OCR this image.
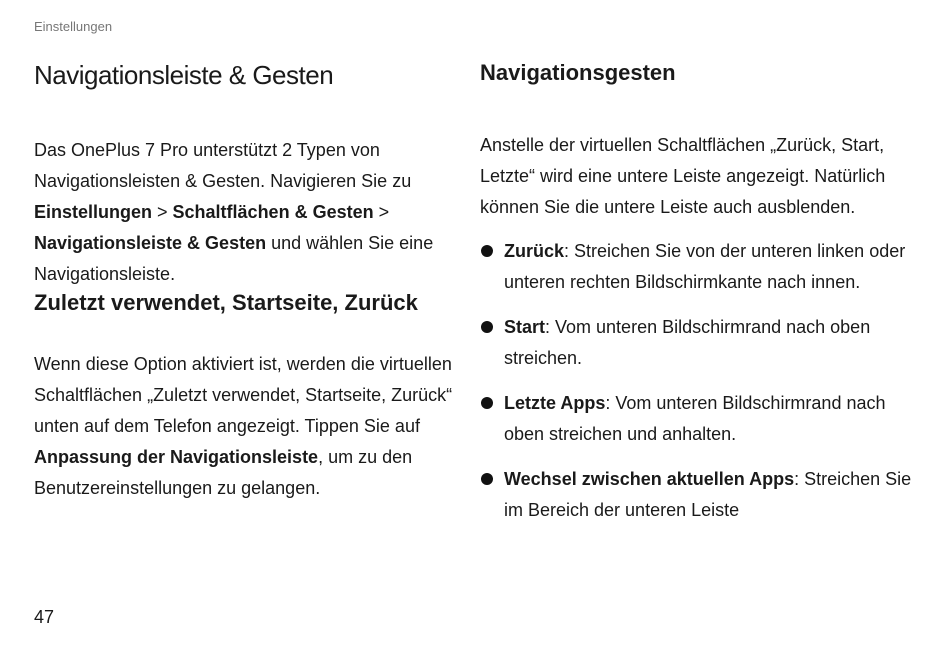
Einstellungen
Navigationsleiste & Gesten

Das OnePlus 7 Pro unterstützt 2 Typen von Navigationsleisten & Gesten. Navigieren Sie zu Einstellungen > Schaltflächen & Gesten > Navigationsleiste & Gesten und wählen Sie eine Navigationsleiste.

Zuletzt verwendet, Startseite, Zurück

Wenn diese Option aktiviert ist, werden die virtuellen Schaltflächen „Zuletzt verwendet, Startseite, Zurück“ unten auf dem Telefon angezeigt. Tippen Sie auf Anpassung der Navigationsleiste, um zu den Benutzereinstellungen zu gelangen.

Navigationsgesten

Anstelle der virtuellen Schaltflächen „Zurück, Start, Letzte“ wird eine untere Leiste angezeigt. Natürlich können Sie die untere Leiste auch ausblenden.

Zurück: Streichen Sie von der unteren linken oder unteren rechten Bildschirmkante nach innen.
Start: Vom unteren Bildschirmrand nach oben streichen.
Letzte Apps: Vom unteren Bildschirmrand nach oben streichen und anhalten.
Wechsel zwischen aktuellen Apps: Streichen Sie im Bereich der unteren Leiste
47
